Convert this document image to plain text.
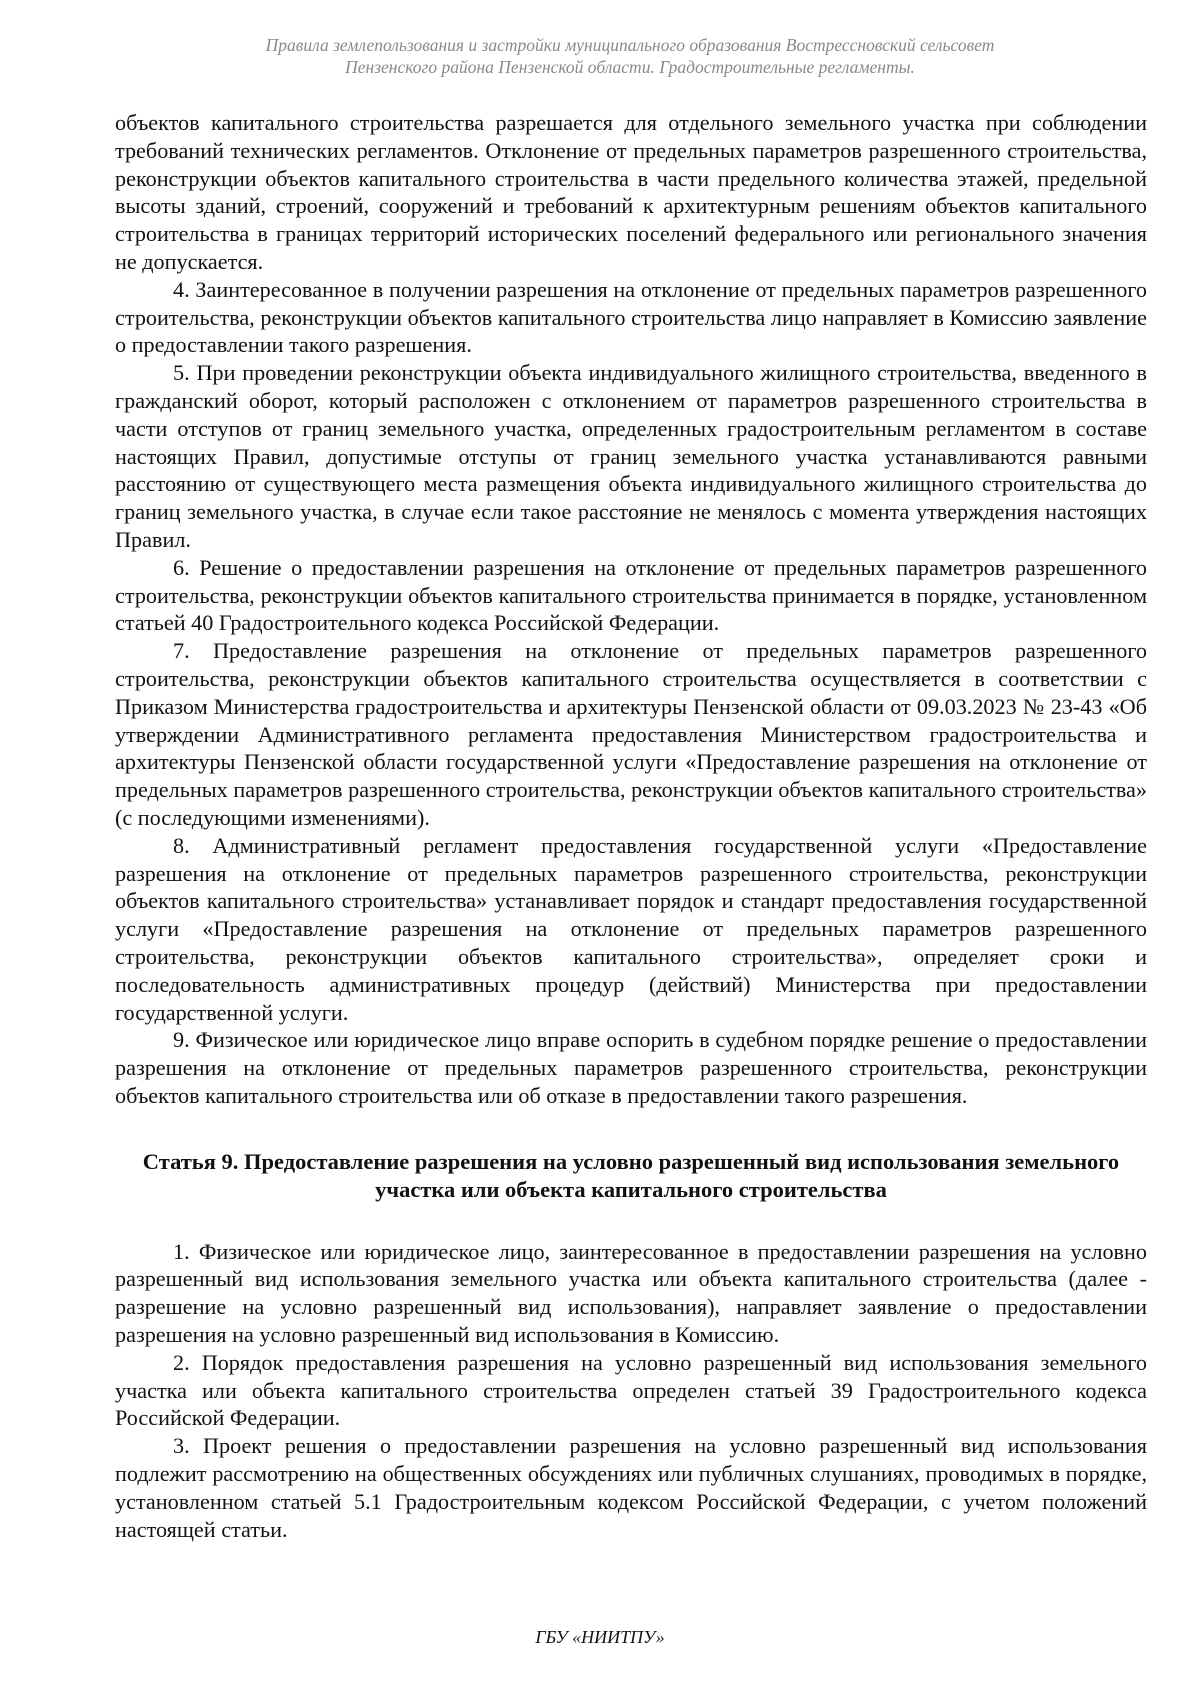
Правила землепользования и застройки муниципального образования Вострессновский сельсовет
Пензенского района Пензенской области. Градостроительные регламенты.

объектов капитального строительства разрешается для отдельного земельного участка при соблюдении требований технических регламентов. Отклонение от предельных параметров разрешенного строительства, реконструкции объектов капитального строительства в части предельного количества этажей, предельной высоты зданий, строений, сооружений и требований к архитектурным решениям объектов капитального строительства в границах территорий исторических поселений федерального или регионального значения не допускается.

4. Заинтересованное в получении разрешения на отклонение от предельных параметров разрешенного строительства, реконструкции объектов капитального строительства лицо направляет в Комиссию заявление о предоставлении такого разрешения.

5. При проведении реконструкции объекта индивидуального жилищного строительства, введенного в гражданский оборот, который расположен с отклонением от параметров разрешенного строительства в части отступов от границ земельного участка, определенных градостроительным регламентом в составе настоящих Правил, допустимые отступы от границ земельного участка устанавливаются равными расстоянию от существующего места размещения объекта индивидуального жилищного строительства до границ земельного участка, в случае если такое расстояние не менялось с момента утверждения настоящих Правил.

6. Решение о предоставлении разрешения на отклонение от предельных параметров разрешенного строительства, реконструкции объектов капитального строительства принимается в порядке, установленном статьей 40 Градостроительного кодекса Российской Федерации.

7. Предоставление разрешения на отклонение от предельных параметров разрешенного строительства, реконструкции объектов капитального строительства осуществляется в соответствии с Приказом Министерства градостроительства и архитектуры Пензенской области от 09.03.2023 № 23-43 «Об утверждении Административного регламента предоставления Министерством градостроительства и архитектуры Пензенской области государственной услуги «Предоставление разрешения на отклонение от предельных параметров разрешенного строительства, реконструкции объектов капитального строительства» (с последующими изменениями).

8. Административный регламент предоставления государственной услуги «Предоставление разрешения на отклонение от предельных параметров разрешенного строительства, реконструкции объектов капитального строительства» устанавливает порядок и стандарт предоставления государственной услуги «Предоставление разрешения на отклонение от предельных параметров разрешенного строительства, реконструкции объектов капитального строительства», определяет сроки и последовательность административных процедур (действий) Министерства при предоставлении государственной услуги.

9. Физическое или юридическое лицо вправе оспорить в судебном порядке решение о предоставлении разрешения на отклонение от предельных параметров разрешенного строительства, реконструкции объектов капитального строительства или об отказе в предоставлении такого разрешения.

Статья 9. Предоставление разрешения на условно разрешенный вид использования земельного участка или объекта капитального строительства

1. Физическое или юридическое лицо, заинтересованное в предоставлении разрешения на условно разрешенный вид использования земельного участка или объекта капитального строительства (далее - разрешение на условно разрешенный вид использования), направляет заявление о предоставлении разрешения на условно разрешенный вид использования в Комиссию.

2. Порядок предоставления разрешения на условно разрешенный вид использования земельного участка или объекта капитального строительства определен статьей 39 Градостроительного кодекса Российской Федерации.

3. Проект решения о предоставлении разрешения на условно разрешенный вид использования подлежит рассмотрению на общественных обсуждениях или публичных слушаниях, проводимых в порядке, установленном статьей 5.1 Градостроительным кодексом Российской Федерации, с учетом положений настоящей статьи.

ГБУ «НИИТПУ»
